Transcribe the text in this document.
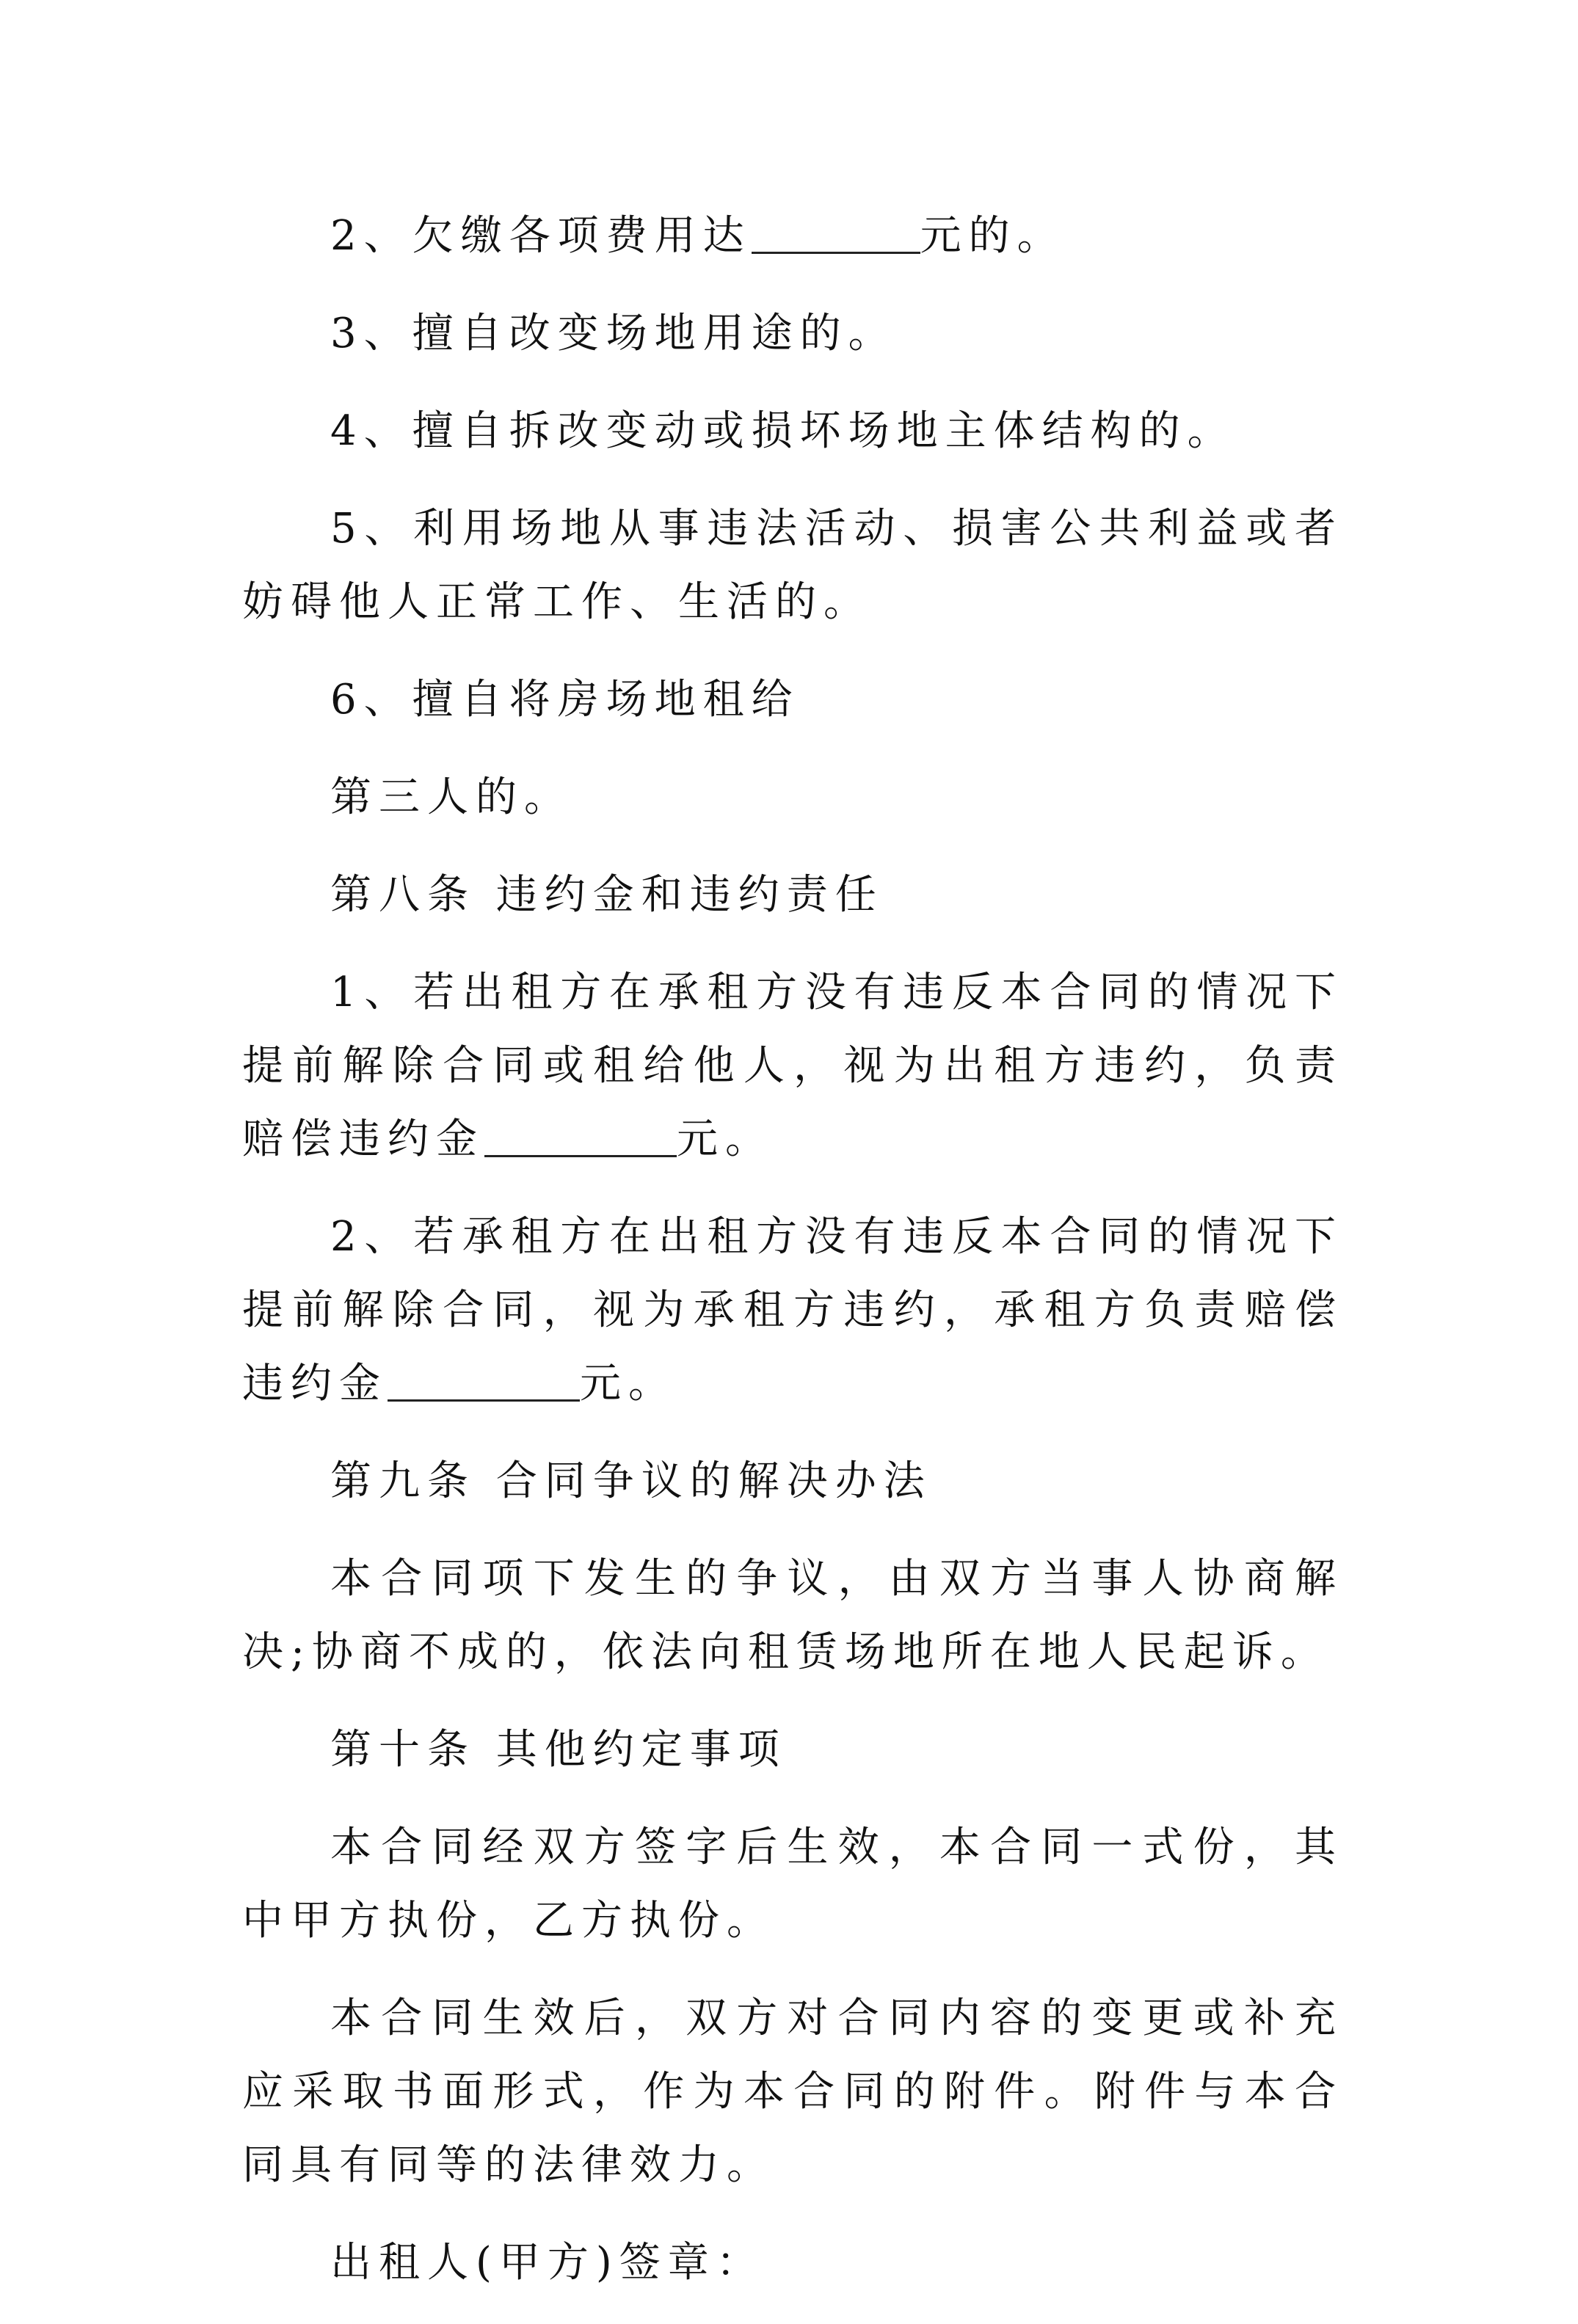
2、欠缴各项费用达	元的。

3、擅自改变场地用途的。

4、擅自拆改变动或损坏场地主体结构的。

5、利用场地从事违法活动、损害公共利益或者妨碍他人正常工作、生活的。

6、擅自将房场地租给

第三人的。

第八条 违约金和违约责任

1、若出租方在承租方没有违反本合同的情况下提前解除合同或租给他人，视为出租方违约，负责赔偿违约金	元。

2、若承租方在出租方没有违反本合同的情况下提前解除合同，视为承租方违约，承租方负责赔偿违约金	元。

第九条 合同争议的解决办法

本合同项下发生的争议，由双方当事人协商解决;协商不成的，依法向租赁场地所在地人民起诉。

第十条 其他约定事项

本合同经双方签字后生效，本合同一式份，其中甲方执份，乙方执份。

本合同生效后，双方对合同内容的变更或补充应采取书面形式，作为本合同的附件。附件与本合同具有同等的法律效力。

出租人(甲方)签章：
